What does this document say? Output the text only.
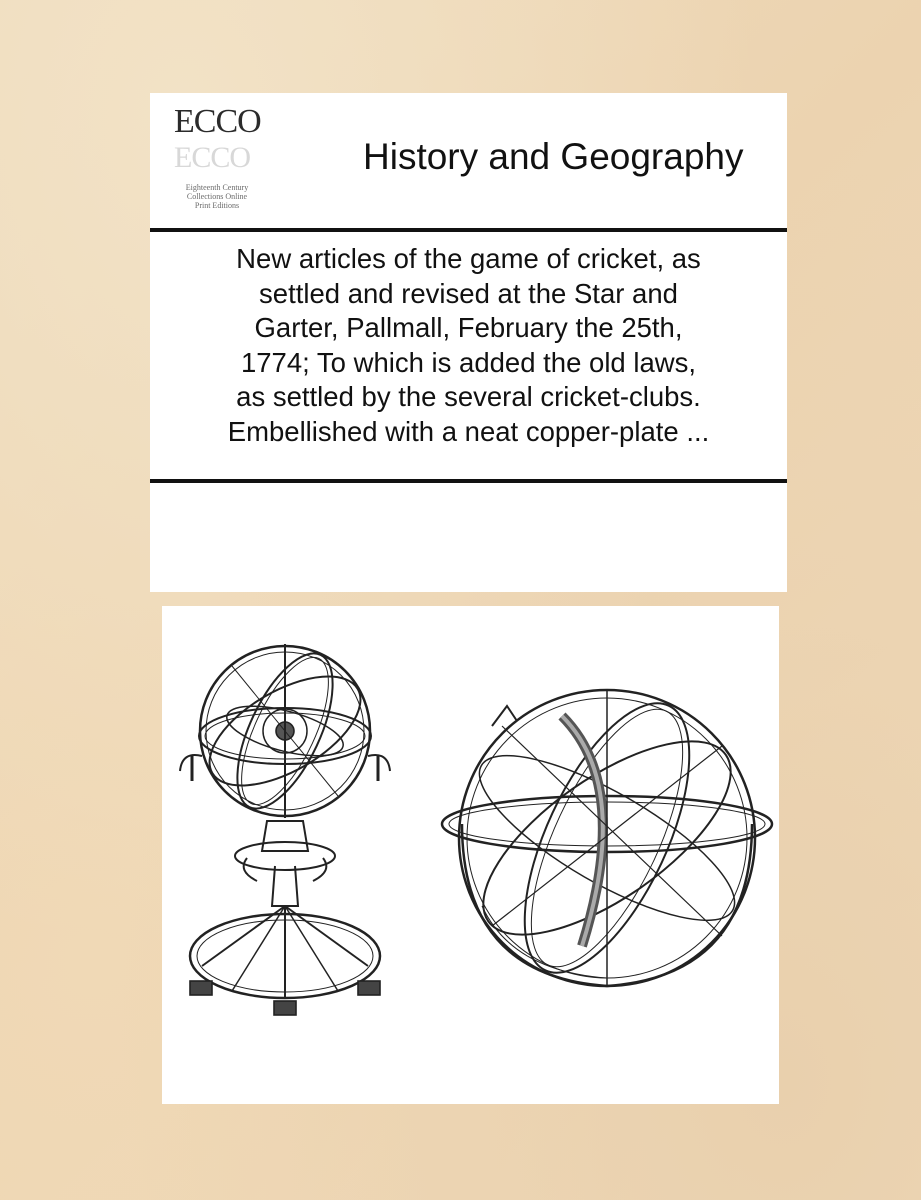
ECCO
ECCO
Eighteenth Century
Collections Online
Print Editions
History and Geography
New articles of the game of cricket, as
settled and revised at the Star and
Garter, Pallmall, February the 25th,
1774; To which is added the old laws,
as settled by the several cricket-clubs.
Embellished with a neat copper-plate ...
